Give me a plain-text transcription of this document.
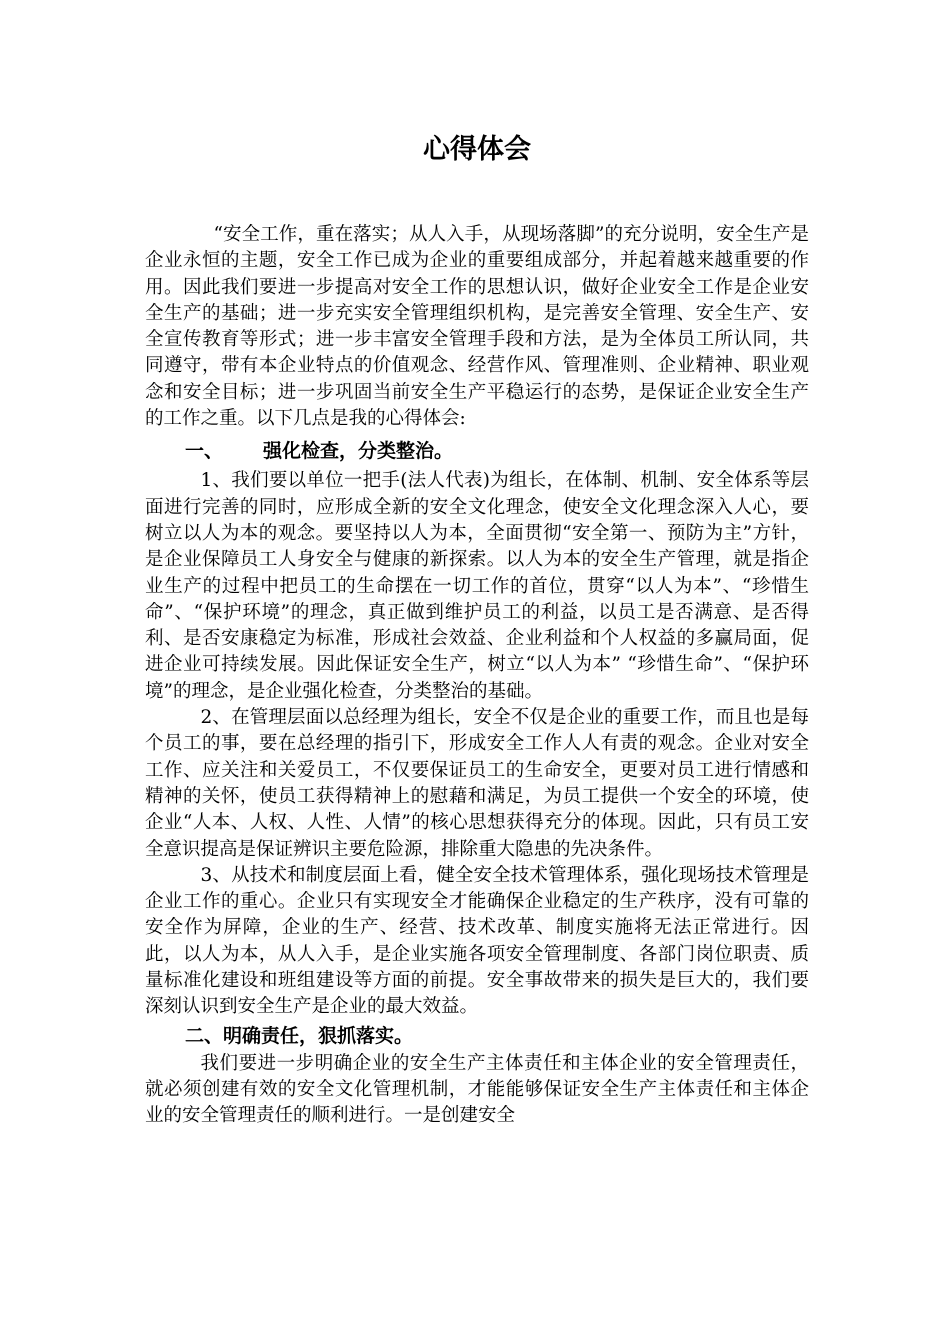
心得体会

“安全工作，重在落实；从人入手，从现场落脚”的充分说明，安全生产是企业永恒的主题，安全工作已成为企业的重要组成部分，并起着越来越重要的作用。因此我们要进一步提高对安全工作的思想认识，做好企业安全工作是企业安全生产的基础；进一步充实安全管理组织机构，是完善安全管理、安全生产、安全宣传教育等形式；进一步丰富安全管理手段和方法，是为全体员工所认同，共同遵守，带有本企业特点的价值观念、经营作风、管理准则、企业精神、职业观念和安全目标；进一步巩固当前安全生产平稳运行的态势，是保证企业安全生产的工作之重。以下几点是我的心得体会:

一、 强化检查，分类整治。

1、我们要以单位一把手(法人代表)为组长，在体制、机制、安全体系等层面进行完善的同时，应形成全新的安全文化理念，使安全文化理念深入人心，要树立以人为本的观念。要坚持以人为本，全面贯彻“安全第一、预防为主”方针，是企业保障员工人身安全与健康的新探索。以人为本的安全生产管理，就是指企业生产的过程中把员工的生命摆在一切工作的首位，贯穿“以人为本”、“珍惜生命”、“保护环境”的理念，真正做到维护员工的利益，以员工是否满意、是否得利、是否安康稳定为标准，形成社会效益、企业利益和个人权益的多赢局面，促进企业可持续发展。因此保证安全生产，树立“以人为本” “珍惜生命”、“保护环境”的理念，是企业强化检查，分类整治的基础。

2、在管理层面以总经理为组长，安全不仅是企业的重要工作，而且也是每个员工的事，要在总经理的指引下，形成安全工作人人有责的观念。企业对安全工作、应关注和关爱员工，不仅要保证员工的生命安全，更要对员工进行情感和精神的关怀，使员工获得精神上的慰藉和满足，为员工提供一个安全的环境，使企业“人本、人权、人性、人情”的核心思想获得充分的体现。因此，只有员工安全意识提高是保证辨识主要危险源，排除重大隐患的先决条件。

3、从技术和制度层面上看，健全安全技术管理体系，强化现场技术管理是企业工作的重心。企业只有实现安全才能确保企业稳定的生产秩序，没有可靠的安全作为屏障，企业的生产、经营、技术改革、制度实施将无法正常进行。因此，以人为本，从人入手，是企业实施各项安全管理制度、各部门岗位职责、质量标准化建设和班组建设等方面的前提。安全事故带来的损失是巨大的，我们要深刻认识到安全生产是企业的最大效益。

二、明确责任，狠抓落实。

我们要进一步明确企业的安全生产主体责任和主体企业的安全管理责任，就必须创建有效的安全文化管理机制，才能能够保证安全生产主体责任和主体企业的安全管理责任的顺利进行。一是创建安全
